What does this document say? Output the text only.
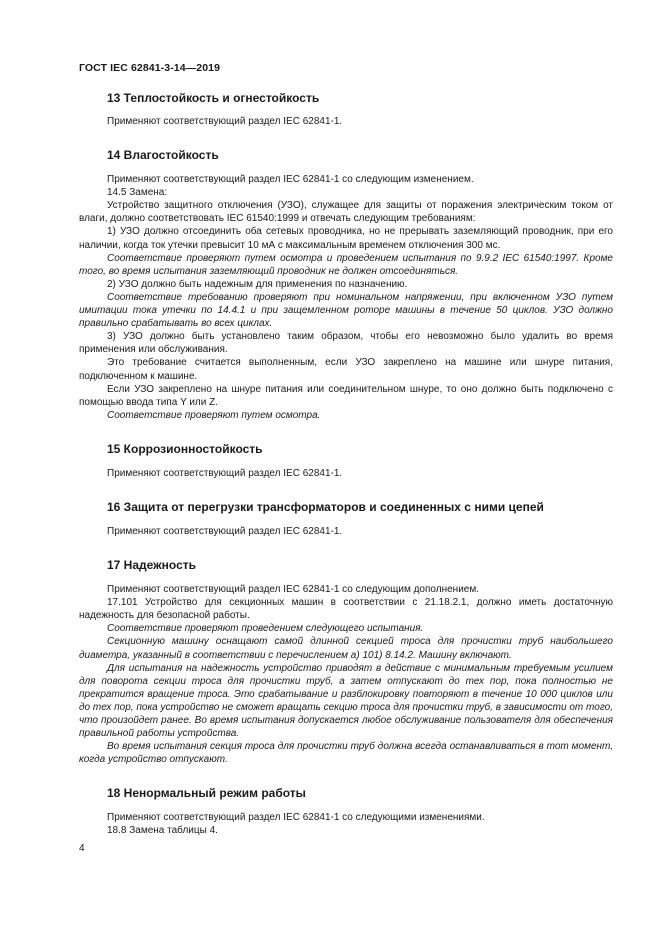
ГОСТ IEC 62841-3-14—2019
13 Теплостойкость и огнестойкость

Применяют соответствующий раздел IEC 62841-1.

14 Влагостойкость

Применяют соответствующий раздел IEC 62841-1 со следующим изменением.

14.5 Замена:

Устройство защитного отключения (УЗО), служащее для защиты от поражения электрическим током от влаги, должно соответствовать IEC 61540:1999 и отвечать следующим требованиям:

1) УЗО должно отсоединить оба сетевых проводника, но не прерывать заземляющий проводник, при его наличии, когда ток утечки превысит 10 мА с максимальным временем отключения 300 мс.

Соответствие проверяют путем осмотра и проведением испытания по 9.9.2 IEC 61540:1997. Кроме того, во время испытания заземляющий проводник не должен отсоединяться.

2) УЗО должно быть надежным для применения по назначению.

Соответствие требованию проверяют при номинальном напряжении, при включенном УЗО путем имитации тока утечки по 14.4.1 и при защемленном роторе машины в течение 50 циклов. УЗО должно правильно срабатывать во всех циклах.

3) УЗО должно быть установлено таким образом, чтобы его невозможно было удалить во время применения или обслуживания.

Это требование считается выполненным, если УЗО закреплено на машине или шнуре питания, подключенном к машине.

Если УЗО закреплено на шнуре питания или соединительном шнуре, то оно должно быть подключено с помощью ввода типа Y или Z.

Соответствие проверяют путем осмотра.

15 Коррозионностойкость

Применяют соответствующий раздел IEC 62841-1.

16 Защита от перегрузки трансформаторов и соединенных с ними цепей

Применяют соответствующий раздел IEC 62841-1.

17 Надежность

Применяют соответствующий раздел IEC 62841-1 со следующим дополнением.

17.101 Устройство для секционных машин в соответствии с 21.18.2.1, должно иметь достаточную надежность для безопасной работы.

Соответствие проверяют проведением следующего испытания.

Секционную машину оснащают самой длинной секцией троса для прочистки труб наибольшего диаметра, указанный в соответствии с перечислением а) 101) 8.14.2. Машину включают.

Для испытания на надежность устройство приводят в действие с минимальным требуемым усилием для поворота секции троса для прочистки труб, а затем отпускают до тех пор, пока полностью не прекратится вращение троса. Это срабатывание и разблокировку повторяют в течение 10 000 циклов или до тех пор, пока устройство не сможет вращать секцию троса для прочистки труб, в зависимости от того, что произойдет ранее. Во время испытания допускается любое обслуживание пользователя для обеспечения правильной работы устройства.

Во время испытания секция троса для прочистки труб должна всегда останавливаться в тот момент, когда устройство отпускают.

18 Ненормальный режим работы

Применяют соответствующий раздел IEC 62841-1 со следующими изменениями.

18.8 Замена таблицы 4.

4
